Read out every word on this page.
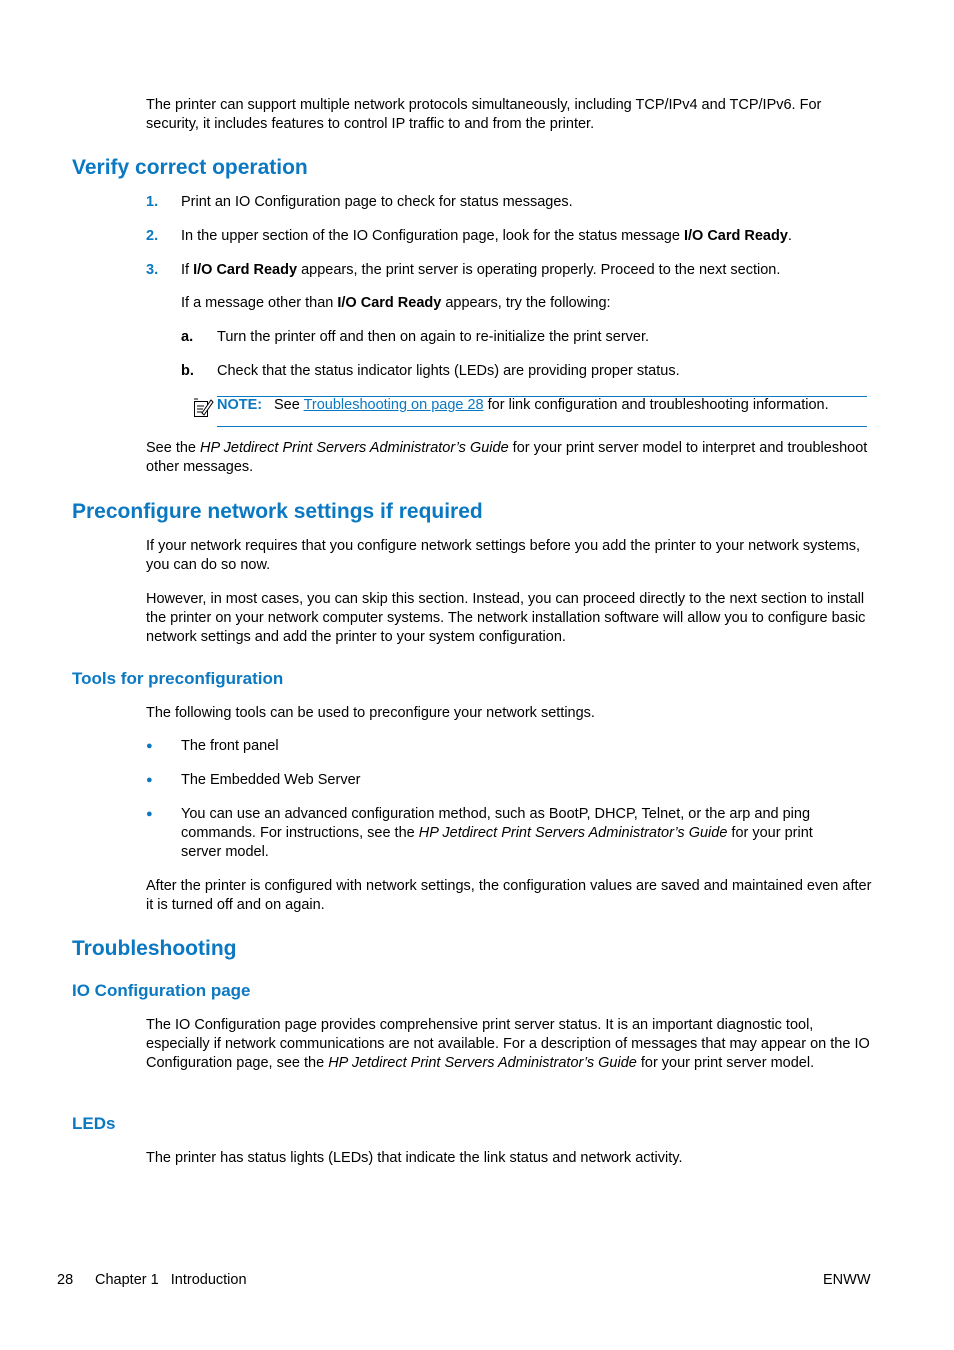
The printer can support multiple network protocols simultaneously, including TCP/IPv4 and TCP/IPv6. For security, it includes features to control IP traffic to and from the printer.

Verify correct operation
1. Print an IO Configuration page to check for status messages.

2. In the upper section of the IO Configuration page, look for the status message I/O Card Ready.

3. If I/O Card Ready appears, the print server is operating properly. Proceed to the next section.

If a message other than I/O Card Ready appears, try the following:

a. Turn the printer off and then on again to re-initialize the print server.

b. Check that the status indicator lights (LEDs) are providing proper status.

NOTE: See Troubleshooting on page 28 for link configuration and troubleshooting information.

See the HP Jetdirect Print Servers Administrator’s Guide for your print server model to interpret and troubleshoot other messages.

Preconfigure network settings if required

If your network requires that you configure network settings before you add the printer to your network systems, you can do so now.

However, in most cases, you can skip this section. Instead, you can proceed directly to the next section to install the printer on your network computer systems. The network installation software will allow you to configure basic network settings and add the printer to your system configuration.

Tools for preconfiguration

The following tools can be used to preconfigure your network settings.

● The front panel

● The Embedded Web Server

● You can use an advanced configuration method, such as BootP, DHCP, Telnet, or the arp and ping commands. For instructions, see the HP Jetdirect Print Servers Administrator’s Guide for your print server model.

After the printer is configured with network settings, the configuration values are saved and maintained even after it is turned off and on again.

Troubleshooting
IO Configuration page

The IO Configuration page provides comprehensive print server status. It is an important diagnostic tool, especially if network communications are not available. For a description of messages that may appear on the IO Configuration page, see the HP Jetdirect Print Servers Administrator’s Guide for your print server model.

LEDs

The printer has status lights (LEDs) that indicate the link status and network activity.

28 Chapter 1   Introduction	ENWW
